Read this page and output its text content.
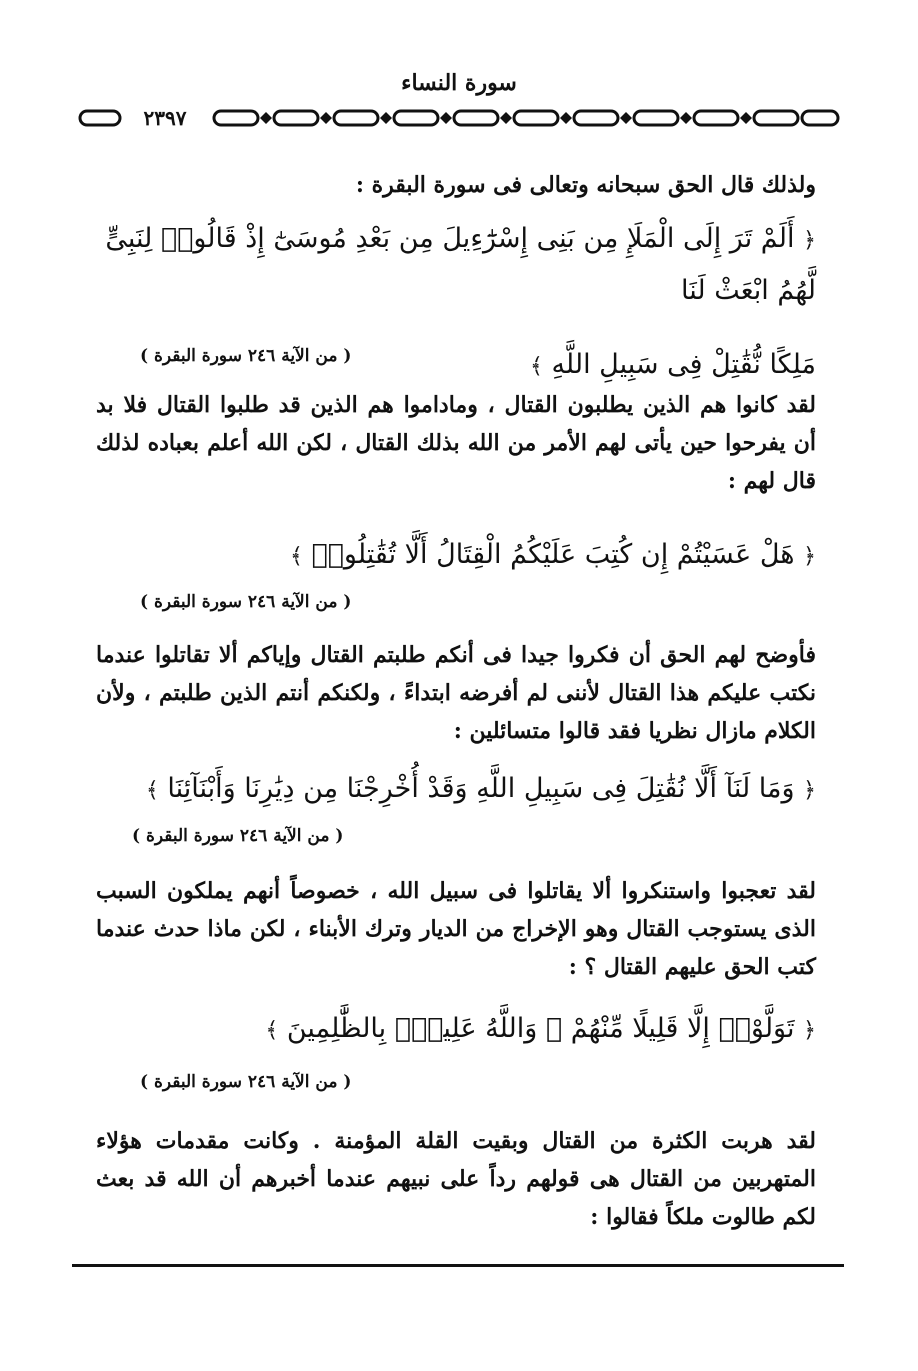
سورة النساء
٢٣٩٧
ولذلك قال الحق سبحانه وتعالى فى سورة البقرة :
﴿ أَلَمْ تَرَ إِلَى الْمَلَإِ مِن بَنِى إِسْرَٰٓءِيلَ مِن بَعْدِ مُوسَىٰٓ إِذْ قَالُوا۟ لِنَبِىٍّ لَّهُمُ ابْعَثْ لَنَا
مَلِكًا نُّقَٰتِلْ فِى سَبِيلِ اللَّهِ ﴾
( من الآية ٢٤٦ سورة البقرة )
لقد كانوا هم الذين يطلبون القتال ، وماداموا هم الذين قد طلبوا القتال فلا بد أن يفرحوا حين يأتى لهم الأمر من الله بذلك القتال ، لكن الله أعلم بعباده لذلك قال لهم :
﴿ هَلْ عَسَيْتُمْ إِن كُتِبَ عَلَيْكُمُ الْقِتَالُ أَلَّا تُقَٰتِلُوا۟ ﴾
( من الآية ٢٤٦ سورة البقرة )
فأوضح لهم الحق أن فكروا جيدا فى أنكم طلبتم القتال وإياكم ألا تقاتلوا عندما نكتب عليكم هذا القتال لأننى لم أفرضه ابتداءً ، ولكنكم أنتم الذين طلبتم ، ولأن الكلام مازال نظريا فقد قالوا متسائلين :
﴿ وَمَا لَنَآ أَلَّا نُقَٰتِلَ فِى سَبِيلِ اللَّهِ وَقَدْ أُخْرِجْنَا مِن دِيَٰرِنَا وَأَبْنَآئِنَا ﴾
( من الآية ٢٤٦ سورة البقرة )
لقد تعجبوا واستنكروا ألا يقاتلوا فى سبيل الله ، خصوصاً أنهم يملكون السبب الذى يستوجب القتال وهو الإخراج من الديار وترك الأبناء ، لكن ماذا حدث عندما كتب الحق عليهم القتال ؟ :
﴿ تَوَلَّوْا۟ إِلَّا قَلِيلًا مِّنْهُمْ ۗ وَاللَّهُ عَلِيمٌۢ بِالظَّٰلِمِينَ ﴾
( من الآية ٢٤٦ سورة البقرة )
لقد هربت الكثرة من القتال وبقيت القلة المؤمنة . وكانت مقدمات هؤلاء المتهربين من القتال هى قولهم رداً على نبيهم عندما أخبرهم أن الله قد بعث لكم طالوت ملكاً فقالوا :
